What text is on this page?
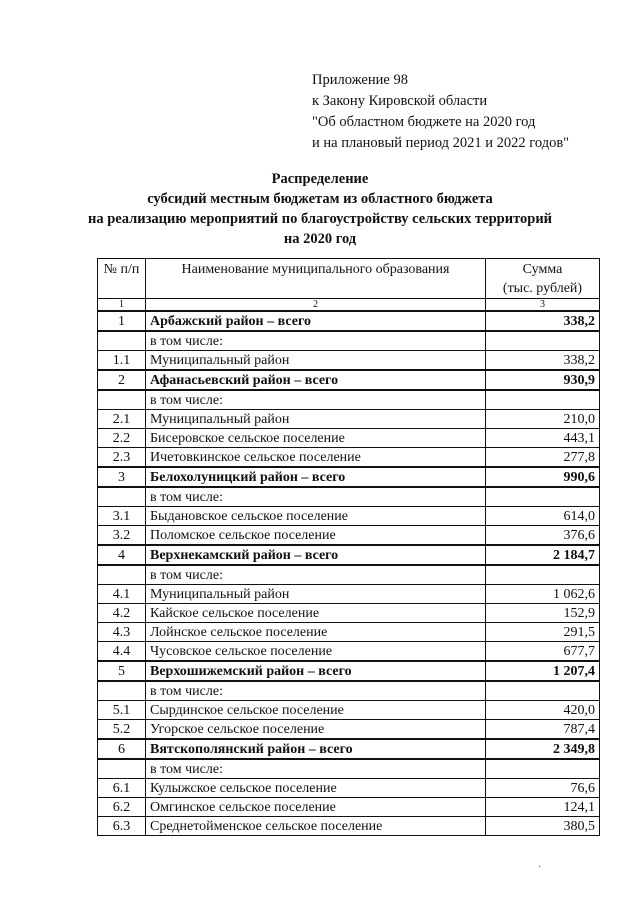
Приложение 98
к Закону Кировской области
"Об областном бюджете на 2020 год
и на плановый период 2021 и 2022 годов"
Распределение
субсидий местным бюджетам из областного бюджета
на реализацию мероприятий по благоустройству сельских территорий
на 2020 год
№ п/п	Наименование муниципального образования	Сумма
(тыс. рублей)

1	2	3
1	Арбажский район – всего	338,2
	в том числе:	
1.1	Муниципальный район	338,2
2	Афанасьевский район – всего	930,9
	в том числе:	
2.1	Муниципальный район	210,0
2.2	Бисеровское сельское поселение	443,1
2.3	Ичетовкинское сельское поселение	277,8
3	Белохолуницкий район – всего	990,6
	в том числе:	
3.1	Быдановское сельское поселение	614,0
3.2	Поломское сельское поселение	376,6
4	Верхнекамский район – всего	2 184,7
	в том числе:	
4.1	Муниципальный район	1 062,6
4.2	Кайское сельское поселение	152,9
4.3	Лойнское сельское поселение	291,5
4.4	Чусовское сельское поселение	677,7
5	Верхошижемский район – всего	1 207,4
	в том числе:	
5.1	Сырдинское сельское поселение	420,0
5.2	Угорское сельское поселение	787,4
6	Вятскополянский район – всего	2 349,8
	в том числе:	
6.1	Кулыжское сельское поселение	76,6
6.2	Омгинское сельское поселение	124,1
6.3	Среднетойменское сельское поселение	380,5
·
